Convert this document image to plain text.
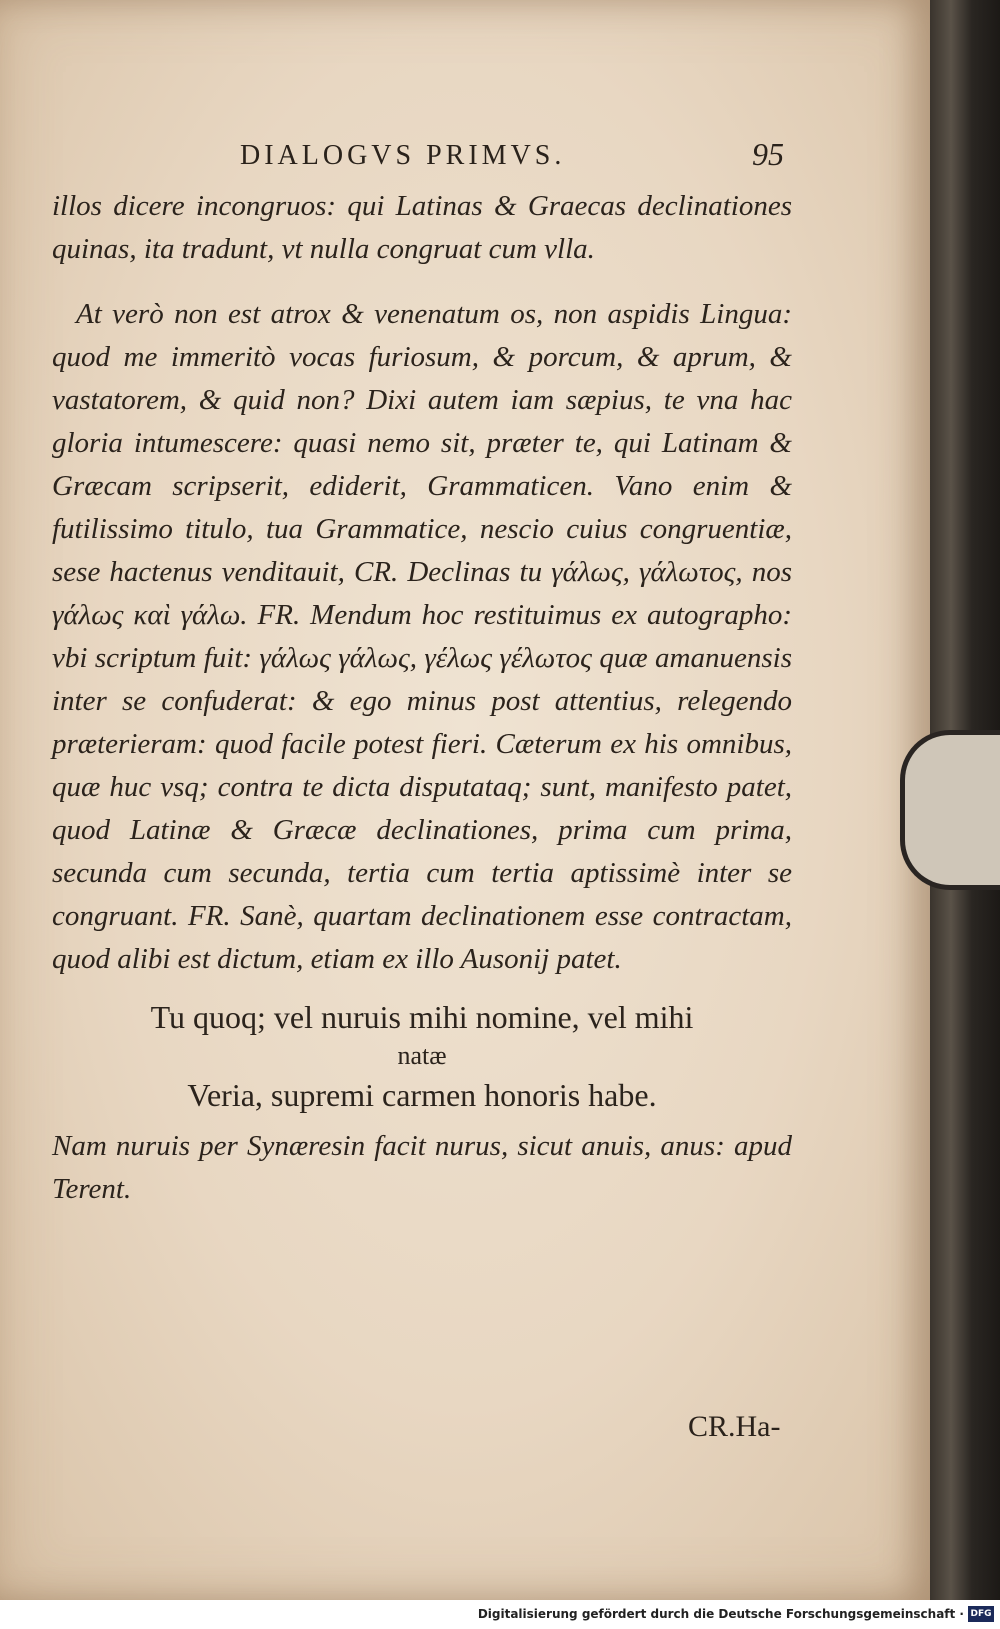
DIALOGVS PRIMVS.	95

illos dicere incongruos: qui Latinas & Graecas declinationes quinas, ita tradunt, vt nulla congruat cum vlla.

At verò non est atrox & venenatum os, non aspidis Lingua: quod me immeritò vocas furiosum, & porcum, & aprum, & vastatorem, & quid non? Dixi autem iam sæpius, te vna hac gloria intumescere: quasi nemo sit, præter te, qui Latinam & Græcam scripserit, ediderit, Grammaticen. Vano enim & futilissimo titulo, tua Grammatice, nescio cuius congruentiæ, sese hactenus venditauit, CR. Declinas tu γάλως, γάλωτος, nos γάλως καὶ γάλω. FR. Mendum hoc restituimus ex autographo: vbi scriptum fuit: γάλως γάλως, γέλως γέλωτος quæ amanuensis inter se confuderat: & ego minus post attentius, relegendo præterieram: quod facile potest fieri. Cæterum ex his omnibus, quæ huc vsq; contra te dicta disputataq; sunt, manifesto patet, quod Latinæ & Græcæ declinationes, prima cum prima, secunda cum secunda, tertia cum tertia aptissimè inter se congruant. FR. Sanè, quartam declinationem esse contractam, quod alibi est dictum, etiam ex illo Ausonij patet.

Tu quoq; vel nuruis mihi nomine, vel mihi
natæ
Veria, supremi carmen honoris habe.

Nam nuruis per Synæresin facit nurus, sicut anuis, anus: apud Terent.

CR.Ha-
Digitalisierung gefördert durch die Deutsche Forschungsgemeinschaft · DFG
